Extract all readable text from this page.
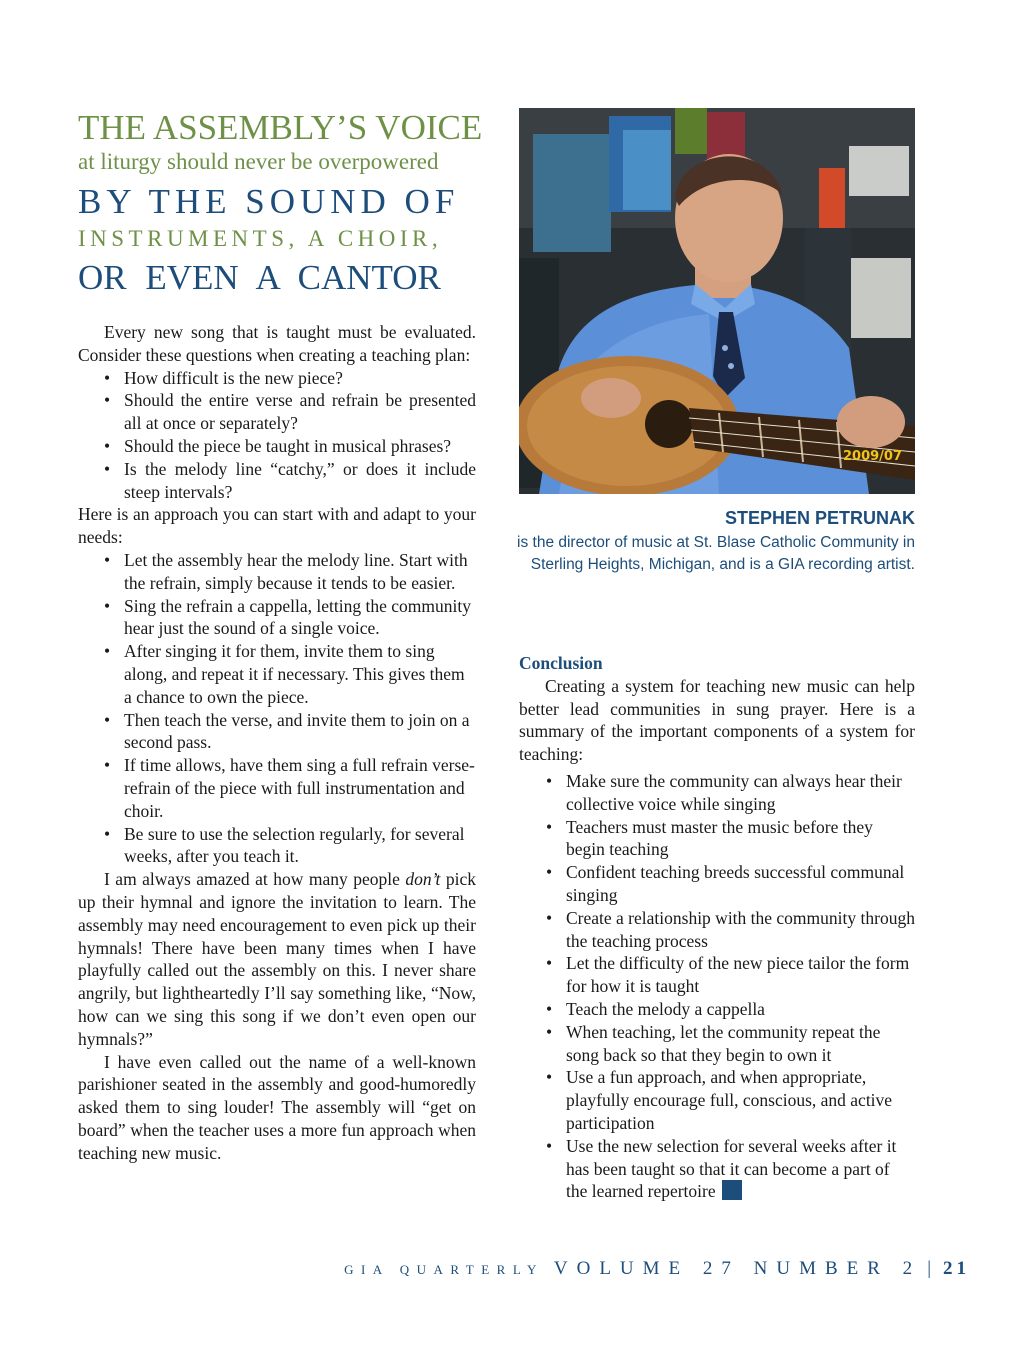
THE ASSEMBLY’S VOICE
at liturgy should never be overpowered
BY THE SOUND OF
INSTRUMENTS, A CHOIR,
OR EVEN A CANTOR

Every new song that is taught must be evaluated. Consider these questions when creating a teaching plan:

• How difficult is the new piece?
• Should the entire verse and refrain be presented all at once or separately?
• Should the piece be taught in musical phrases?
• Is the melody line “catchy,” or does it include steep intervals?

Here is an approach you can start with and adapt to your needs:

• Let the assembly hear the melody line. Start with the refrain, simply because it tends to be easier.
• Sing the refrain a cappella, letting the community hear just the sound of a single voice.
• After singing it for them, invite them to sing along, and repeat it if necessary. This gives them a chance to own the piece.
• Then teach the verse, and invite them to join on a second pass.
• If time allows, have them sing a full refrain verse-refrain of the piece with full instrumentation and choir.
• Be sure to use the selection regularly, for several weeks, after you teach it.

I am always amazed at how many people don’t pick up their hymnal and ignore the invitation to learn. The assembly may need encouragement to even pick up their hymnals! There have been many times when I have playfully called out the assembly on this. I never share angrily, but lightheartedly I’ll say something like, “Now, how can we sing this song if we don’t even open our hymnals?”

I have even called out the name of a well-known parishioner seated in the assembly and good-humoredly asked them to sing louder! The assembly will “get on board” when the teacher uses a more fun approach when teaching new music.

2009/07
STEPHEN PETRUNAK
is the director of music at St. Blase Catholic Community in Sterling Heights, Michigan, and is a GIA recording artist.
Conclusion

Creating a system for teaching new music can help better lead communities in sung prayer. Here is a summary of the important components of a system for teaching:

• Make sure the community can always hear their collective voice while singing
• Teachers must master the music before they begin teaching
• Confident teaching breeds successful communal singing
• Create a relationship with the community through the teaching process
• Let the difficulty of the new piece tailor the form for how it is taught
• Teach the melody a cappella
• When teaching, let the community repeat the song back so that they begin to own it
• Use a fun approach, and when appropriate, playfully encourage full, conscious, and active participation
• Use the new selection for several weeks after it has been taught so that it can become a part of the learned repertoire
GIA QUARTERLY VOLUME 27 NUMBER 2 | 21
